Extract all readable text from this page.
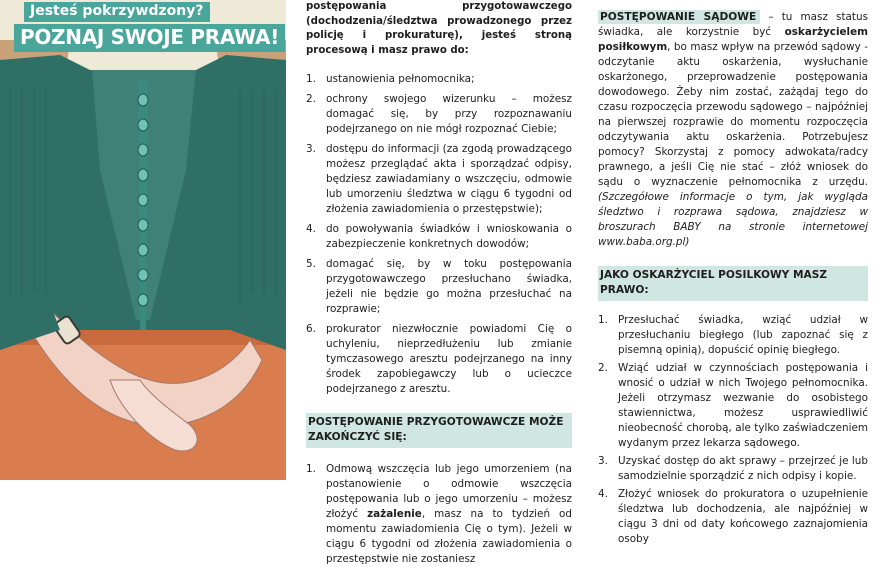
Jesteś pokrzywdzony?
POZNAJ SWOJE PRAWA!

postępowania przygotowawczego (dochodzenia/śledztwa prowadzonego przez policję i prokuraturę), jesteś stroną procesową i masz prawo do:

1. ustanowienia pełnomocnika;
2. ochrony swojego wizerunku – możesz domagać się, by przy rozpoznawaniu podejrzanego on nie mógł rozpoznać Ciebie;
3. dostępu do informacji (za zgodą prowadzącego możesz przeglądać akta i sporządzać odpisy, będziesz zawiadamiany o wszczęciu, odmowie lub umorzeniu śledztwa w ciągu 6 tygodni od złożenia zawiadomienia o przestępstwie);
4. do powoływania świadków i wnioskowania o zabezpieczenie konkretnych dowodów;
5. domagać się, by w toku postępowania przygotowawczego przesłuchano świadka, jeżeli nie będzie go można przesłuchać na rozprawie;
6. prokurator niezwłocznie powiadomi Cię o uchyleniu, nieprzedłużeniu lub zmianie tymczasowego aresztu podejrzanego na inny środek zapobiegawczy lub o ucieczce podejrzanego z aresztu.
POSTĘPOWANIE PRZYGOTOWAWCZE MOŻE ZAKOŃCZYĆ SIĘ:
1. Odmową wszczęcia lub jego umorzeniem (na postanowienie o odmowie wszczęcia postępowania lub o jego umorzeniu – możesz złożyć zażalenie, masz na to tydzień od momentu zawiadomienia Cię o tym). Jeżeli w ciągu 6 tygodni od złożenia zawiadomienia o przestępstwie nie zostaniesz

POSTĘPOWANIE SĄDOWE – tu masz status świadka, ale korzystnie być oskarżycielem posiłkowym, bo masz wpływ na przewód sądowy - odczytanie aktu oskarżenia, wysłuchanie oskarżonego, przeprowadzenie postępowania dowodowego. Żeby nim zostać, zażądaj tego do czasu rozpoczęcia przewodu sądowego – najpóźniej na pierwszej rozprawie do momentu rozpoczęcia odczytywania aktu oskarżenia. Potrzebujesz pomocy? Skorzystaj z pomocy adwokata/radcy prawnego, a jeśli Cię nie stać – złóż wniosek do sądu o wyznaczenie pełnomocnika z urzędu. (Szczegółowe informacje o tym, jak wygląda śledztwo i rozprawa sądowa, znajdziesz w broszurach BABY na stronie internetowej www.baba.org.pl)

JAKO OSKARŻYCIEL POSILKOWY MASZ PRAWO:
1. Przesłuchać świadka, wziąć udział w przesłuchaniu biegłego (lub zapoznać się z pisemną opinią), dopuścić opinię biegłego.
2. Wziąć udział w czynnościach postępowania i wnosić o udział w nich Twojego pełnomocnika. Jeżeli otrzymasz wezwanie do osobistego stawiennictwa, możesz usprawiedliwić nieobecność chorobą, ale tylko zaświadczeniem wydanym przez lekarza sądowego.
3. Uzyskać dostęp do akt sprawy – przejrzeć je lub samodzielnie sporządzić z nich odpisy i kopie.
4. Złożyć wniosek do prokuratora o uzupełnienie śledztwa lub dochodzenia, ale najpóźniej w ciągu 3 dni od daty końcowego zaznajomienia osoby
